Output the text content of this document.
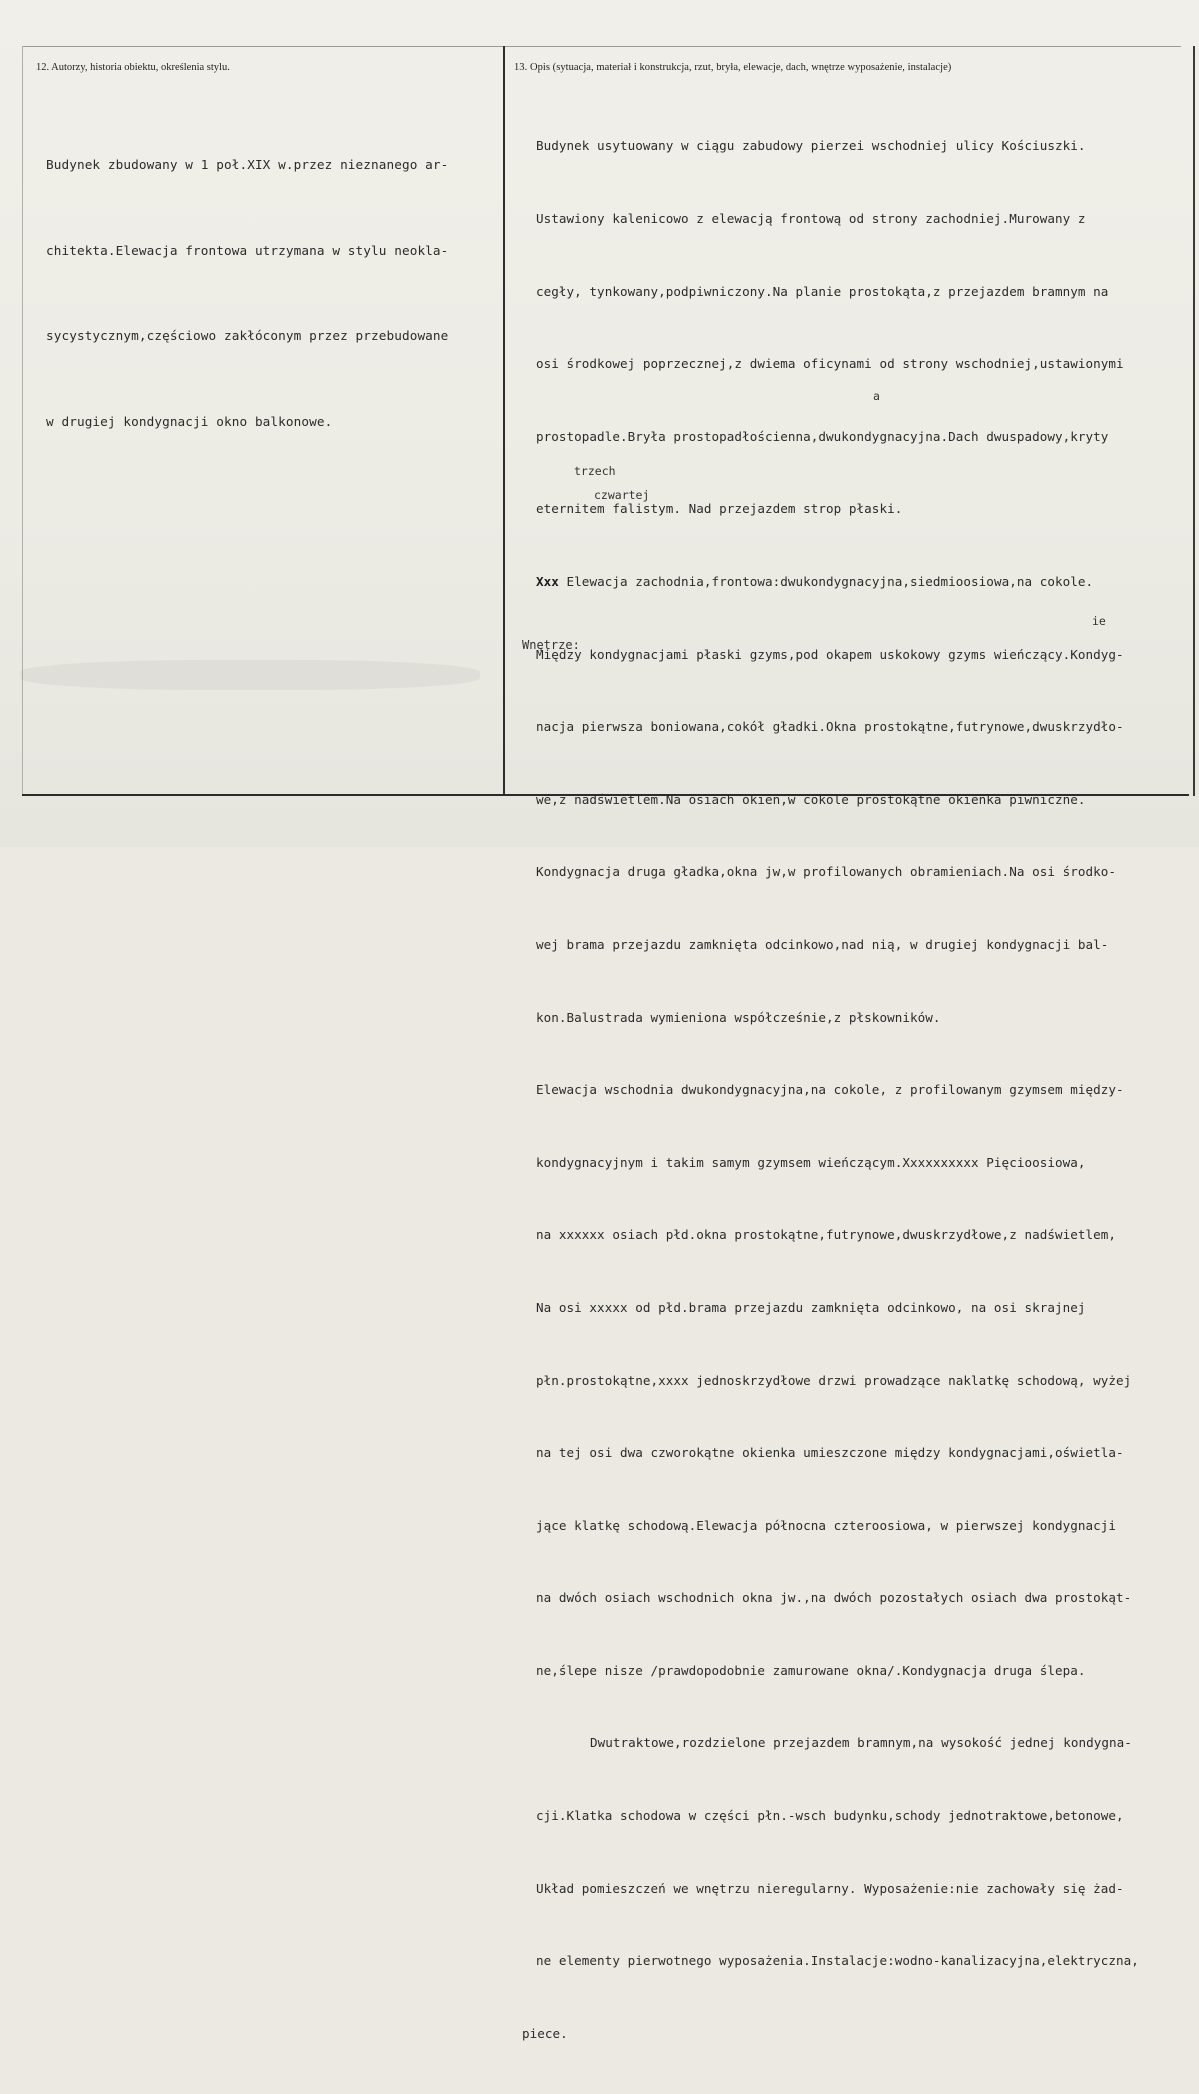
12. Autorzy, historia obiektu, określenia stylu.

Budynek zbudowany w 1 poł.XIX w.przez nieznanego ar-

chitekta.Elewacja frontowa utrzymana w stylu neokla-

sycystycznym,częściowo zakłóconym przez przebudowane

w drugiej kondygnacji okno balkonowe.

13. Opis (sytuacja, materiał i konstrukcja, rzut, bryła, elewacje, dach, wnętrze wyposażenie, instalacje)

Budynek usytuowany w ciągu zabudowy pierzei wschodniej ulicy Kościuszki.

Ustawiony kalenicowo z elewacją frontową od strony zachodniej.Murowany z

cegły, tynkowany,podpiwniczony.Na planie prostokąta,z przejazdem bramnym na

osi środkowej poprzecznej,z dwiema oficynami od strony wschodniej,ustawionymi

prostopadle.Bryła prostopadłościenna,dwukondygnacyjna.Dach dwuspadowy,kryty

eternitem falistym. Nad przejazdem strop płaski.

Xxx Elewacja zachodnia,frontowa:dwukondygnacyjna,siedmioosiowa,na cokole.

Między kondygnacjami płaski gzyms,pod okapem uskokowy gzyms wieńczący.Kondyg-

nacja pierwsza boniowana,cokół gładki.Okna prostokątne,futrynowe,dwuskrzydło-

we,z nadświetlem.Na osiach okien,w cokole prostokątne okienka piwniczne.

Kondygnacja druga gładka,okna jw,w profilowanych obramieniach.Na osi środko-

wej brama przejazdu zamknięta odcinkowo,nad nią, w drugiej kondygnacji bal-

kon.Balustrada wymieniona współcześnie,z płskowników.

Elewacja wschodnia dwukondygnacyjna,na cokole, z profilowanym gzymsem między-

kondygnacyjnym i takim samym gzymsem wieńczącym.Xxxxxxxxxx Pięcioosiowa,

na xxxxxx osiach płd.okna prostokątne,futrynowe,dwuskrzydłowe,z nadświetlem,

Na osi xxxxx od płd.brama przejazdu zamknięta odcinkowo, na osi skrajnej

płn.prostokątne,xxxx jednoskrzydłowe drzwi prowadzące naklatkę schodową, wyżej

na tej osi dwa czworokątne okienka umieszczone między kondygnacjami,oświetla-

jące klatkę schodową.Elewacja północna czteroosiowa, w pierwszej kondygnacji

na dwóch osiach wschodnich okna jw.,na dwóch pozostałych osiach dwa prostokąt-

ne,ślepe nisze /prawdopodobnie zamurowane okna/.Kondygnacja druga ślepa.

Dwutraktowe,rozdzielone przejazdem bramnym,na wysokość jednej kondygna-

cji.Klatka schodowa w części płn.-wsch budynku,schody jednotraktowe,betonowe,

Układ pomieszczeń we wnętrzu nieregularny. Wyposażenie:nie zachowały się żad-

ne elementy pierwotnego wyposażenia.Instalacje:wodno-kanalizacyjna,elektryczna,

piece.

trzech
czwartej
a
ie
Wnętrze:
